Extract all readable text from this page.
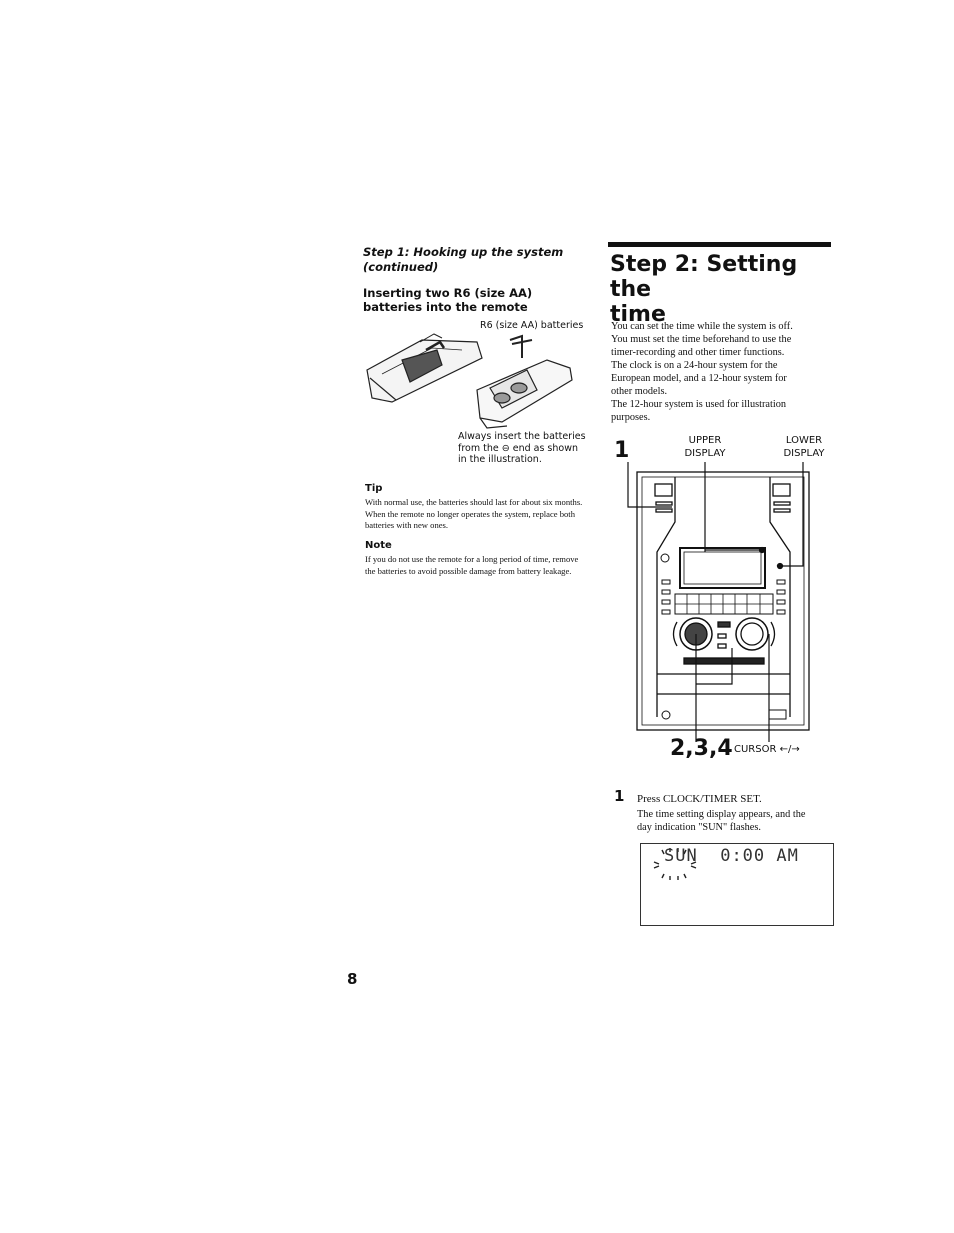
Step 1: Hooking up the system
(continued)
Inserting two R6 (size AA)
batteries into the remote
R6 (size AA) batteries
Always insert the batteries
from the ⊖ end as shown
in the illustration.
Tip
With normal use, the batteries should last for about six months. When the remote no longer operates the system, replace both batteries with new ones.
Note
If you do not use the remote for a long period of time, remove the batteries to avoid possible damage from battery leakage.
8
Step 2: Setting the
time
You can set the time while the system is off.
You must set the time beforehand to use the
timer-recording and other timer functions.
The clock is on a 24-hour system for the
European model, and a 12-hour system for
other models.
The 12-hour system is used for illustration
purposes.
1	UPPER
DISPLAY
LOWER
DISPLAY
2,3,4 CURSOR ←/→
1 Press CLOCK/TIMER SET.
The time setting display appears, and the
day indication "SUN" flashes.
SUN 0:00 AM
